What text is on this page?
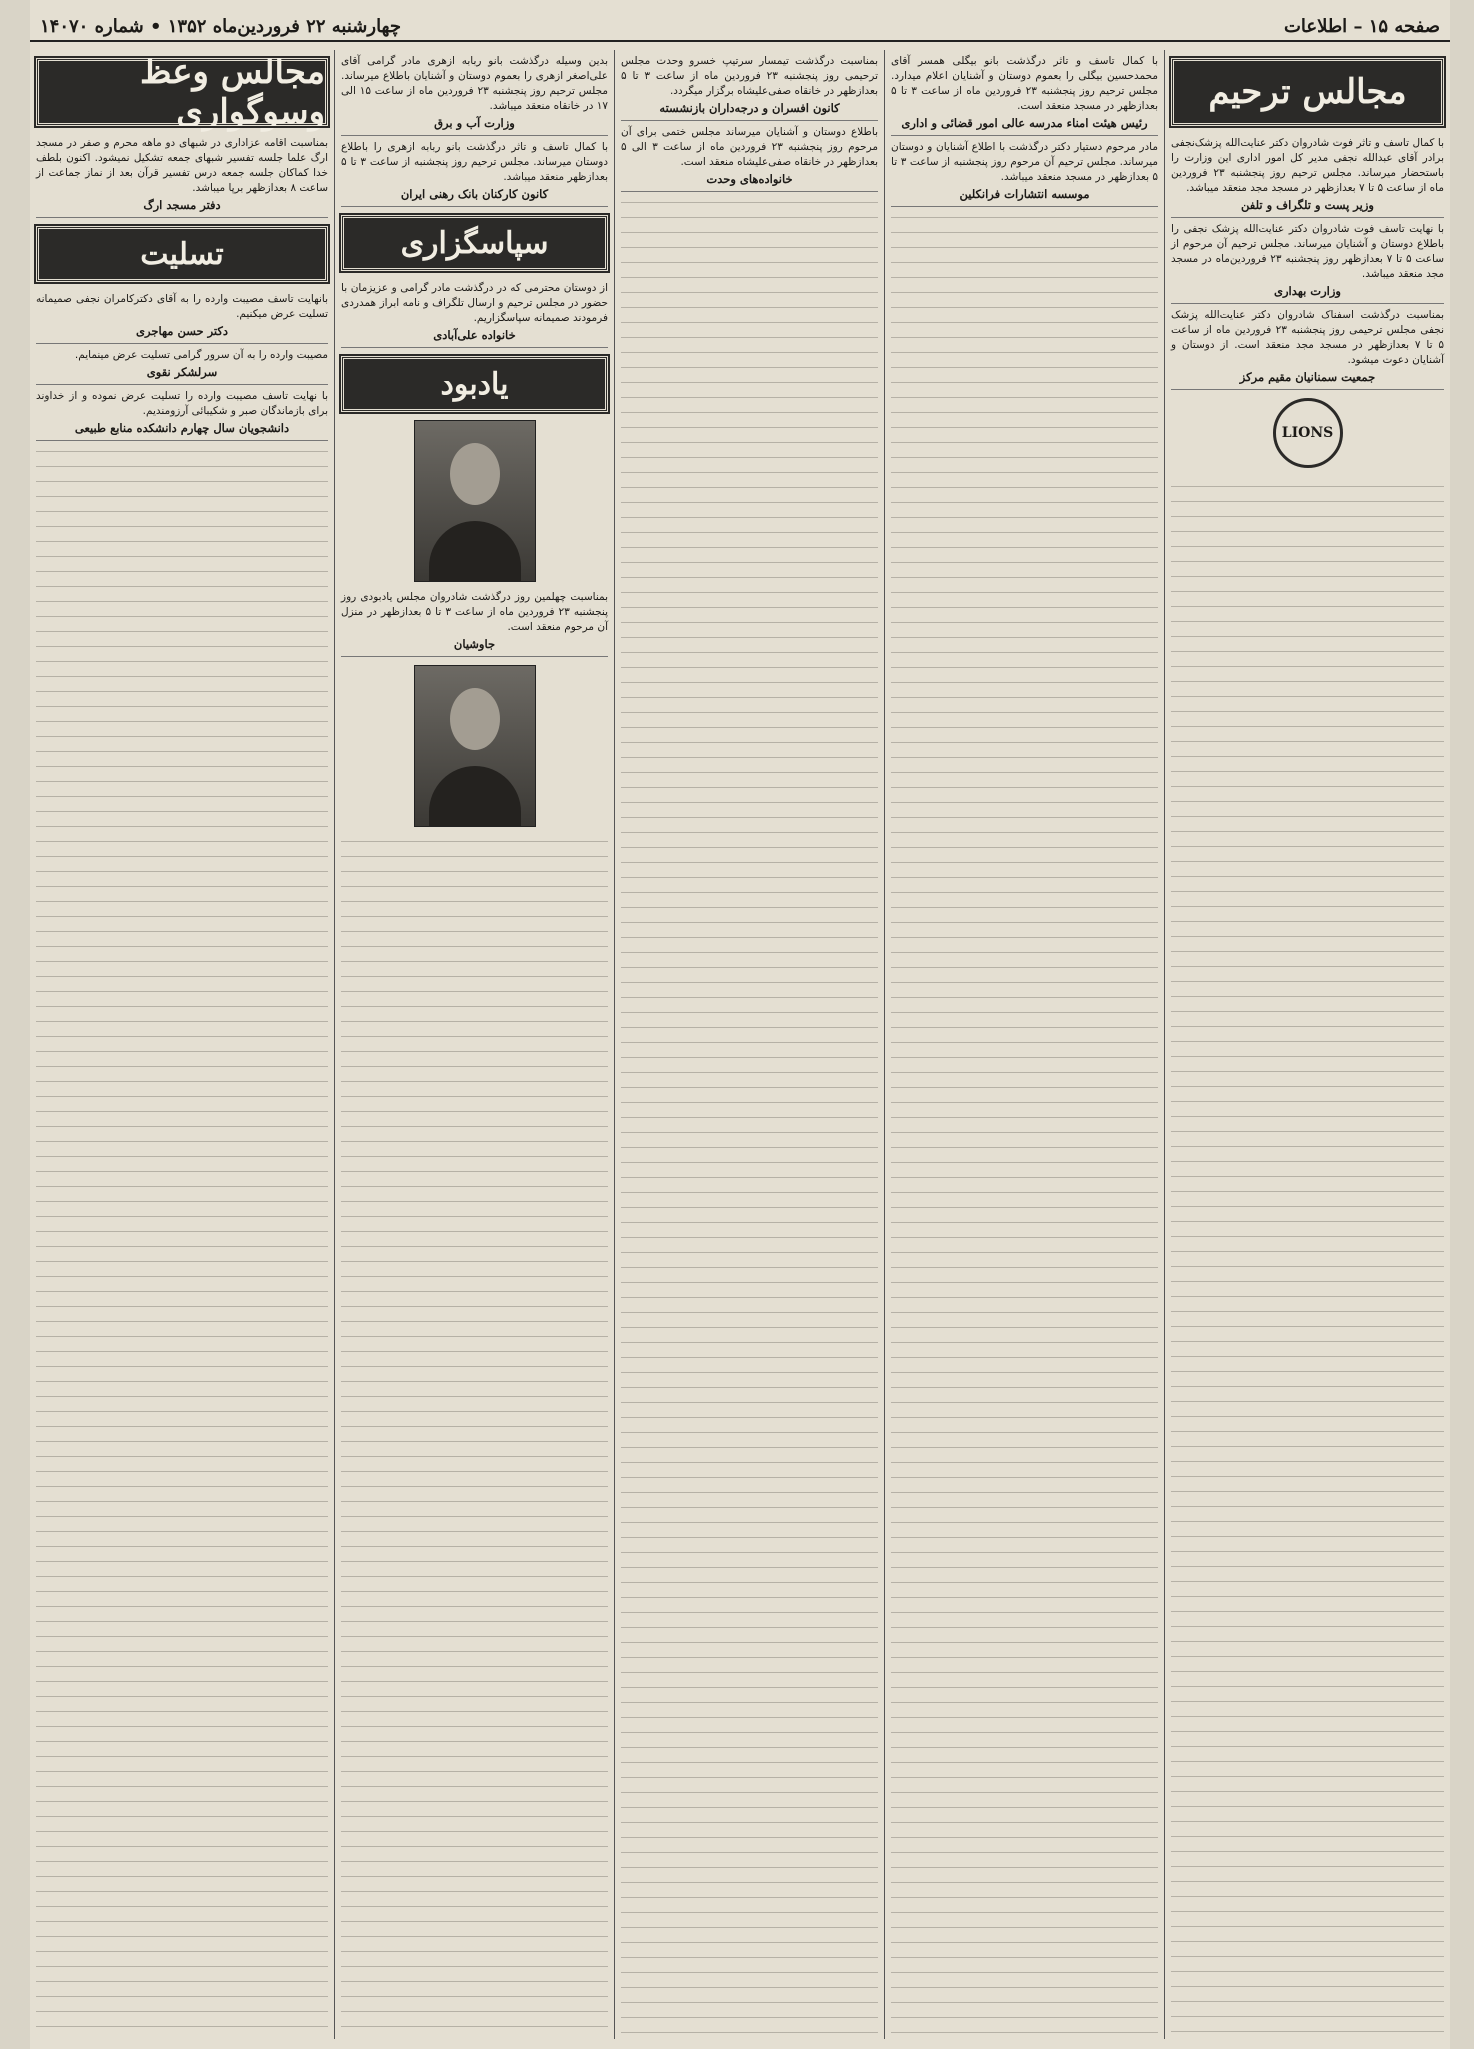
صفحه ۱۵ – اطلاعات
چهارشنبه ۲۲ فروردین‌ماه ۱۳۵۲ • شماره ۱۴۰۷۰
مجالس ترحیم

با کمال تاسف و تاثر فوت شادروان دکتر عنایت‌الله پزشک‌نجفی برادر آقای عبدالله نجفی مدیر کل امور اداری این وزارت را باستحضار میرساند. مجلس ترحیم روز پنجشنبه ۲۳ فروردین ماه از ساعت ۵ تا ۷ بعدازظهر در مسجد مجد منعقد میباشد.

وزیر پست و تلگراف و تلفن

با نهایت تاسف فوت شادروان دکتر عنایت‌الله پزشک نجفی را باطلاع دوستان و آشنایان میرساند. مجلس ترحیم آن مرحوم از ساعت ۵ تا ۷ بعدازظهر روز پنجشنبه ۲۳ فروردین‌ماه در مسجد مجد منعقد میباشد.

وزارت بهداری

بمناسبت درگذشت اسفناک شادروان دکتر عنایت‌الله پزشک نجفی مجلس ترحیمی روز پنجشنبه ۲۳ فروردین ماه از ساعت ۵ تا ۷ بعدازظهر در مسجد مجد منعقد است. از دوستان و آشنایان دعوت میشود.

جمعیت سمنانیان مقیم مرکز
LIONS

با کمال تاسف و تاثر درگذشت بانو بیگلی همسر آقای محمدحسین بیگلی را بعموم دوستان و آشنایان اعلام میدارد. مجلس ترحیم روز پنجشنبه ۲۳ فروردین ماه از ساعت ۳ تا ۵ بعدازظهر در مسجد منعقد است.

رئیس هیئت امناء مدرسه عالی امور قضائی و اداری

مادر مرحوم دستیار دکتر درگذشت با اطلاع آشنایان و دوستان میرساند. مجلس ترحیم آن مرحوم روز پنجشنبه از ساعت ۳ تا ۵ بعدازظهر در مسجد منعقد میباشد.

موسسه انتشارات فرانکلین

بمناسبت درگذشت تیمسار سرتیپ خسرو وحدت مجلس ترحیمی روز پنجشنبه ۲۳ فروردین ماه از ساعت ۳ تا ۵ بعدازظهر در خانقاه صفی‌علیشاه برگزار میگردد.

کانون افسران و درجه‌داران بازنشسته

باطلاع دوستان و آشنایان میرساند مجلس ختمی برای آن مرحوم روز پنجشنبه ۲۳ فروردین ماه از ساعت ۳ الی ۵ بعدازظهر در خانقاه صفی‌علیشاه منعقد است.

خانواده‌های وحدت

بدین وسیله درگذشت بانو ربابه ازهری مادر گرامی آقای علی‌اصغر ازهری را بعموم دوستان و آشنایان باطلاع میرساند. مجلس ترحیم روز پنجشنبه ۲۳ فروردین ماه از ساعت ۱۵ الی ۱۷ در خانقاه منعقد میباشد.

وزارت آب و برق

با کمال تاسف و تاثر درگذشت بانو ربابه ازهری را باطلاع دوستان میرساند. مجلس ترحیم روز پنجشنبه از ساعت ۳ تا ۵ بعدازظهر منعقد میباشد.

کانون کارکنان بانک رهنی ایران
سپاسگزاری

از دوستان محترمی که در درگذشت مادر گرامی و عزیزمان با حضور در مجلس ترحیم و ارسال تلگراف و نامه ابراز همدردی فرمودند صمیمانه سپاسگزاریم.

خانواده علی‌آبادی
یادبود

بمناسبت چهلمین روز درگذشت شادروان مجلس یادبودی روز پنجشنبه ۲۳ فروردین ماه از ساعت ۳ تا ۵ بعدازظهر در منزل آن مرحوم منعقد است.

جاوشیان
مجالس وعظ وسوگواری

بمناسبت اقامه عزاداری در شبهای دو ماهه محرم و صفر در مسجد ارگ علما جلسه تفسیر شبهای جمعه تشکیل نمیشود. اکنون بلطف خدا کماکان جلسه جمعه درس تفسیر قرآن بعد از نماز جماعت از ساعت ۸ بعدازظهر برپا میباشد.

دفتر مسجد ارگ
تسلیت

بانهایت تاسف مصیبت وارده را به آقای دکترکامران نجفی صمیمانه تسلیت عرض میکنیم.

دکتر حسن مهاجری

مصیبت وارده را به آن سرور گرامی تسلیت عرض مینمایم.

سرلشکر نقوی

با نهایت تاسف مصیبت وارده را تسلیت عرض نموده و از خداوند برای بازماندگان صبر و شکیبائی آرزومندیم.

دانشجویان سال چهارم دانشکده منابع طبیعی
